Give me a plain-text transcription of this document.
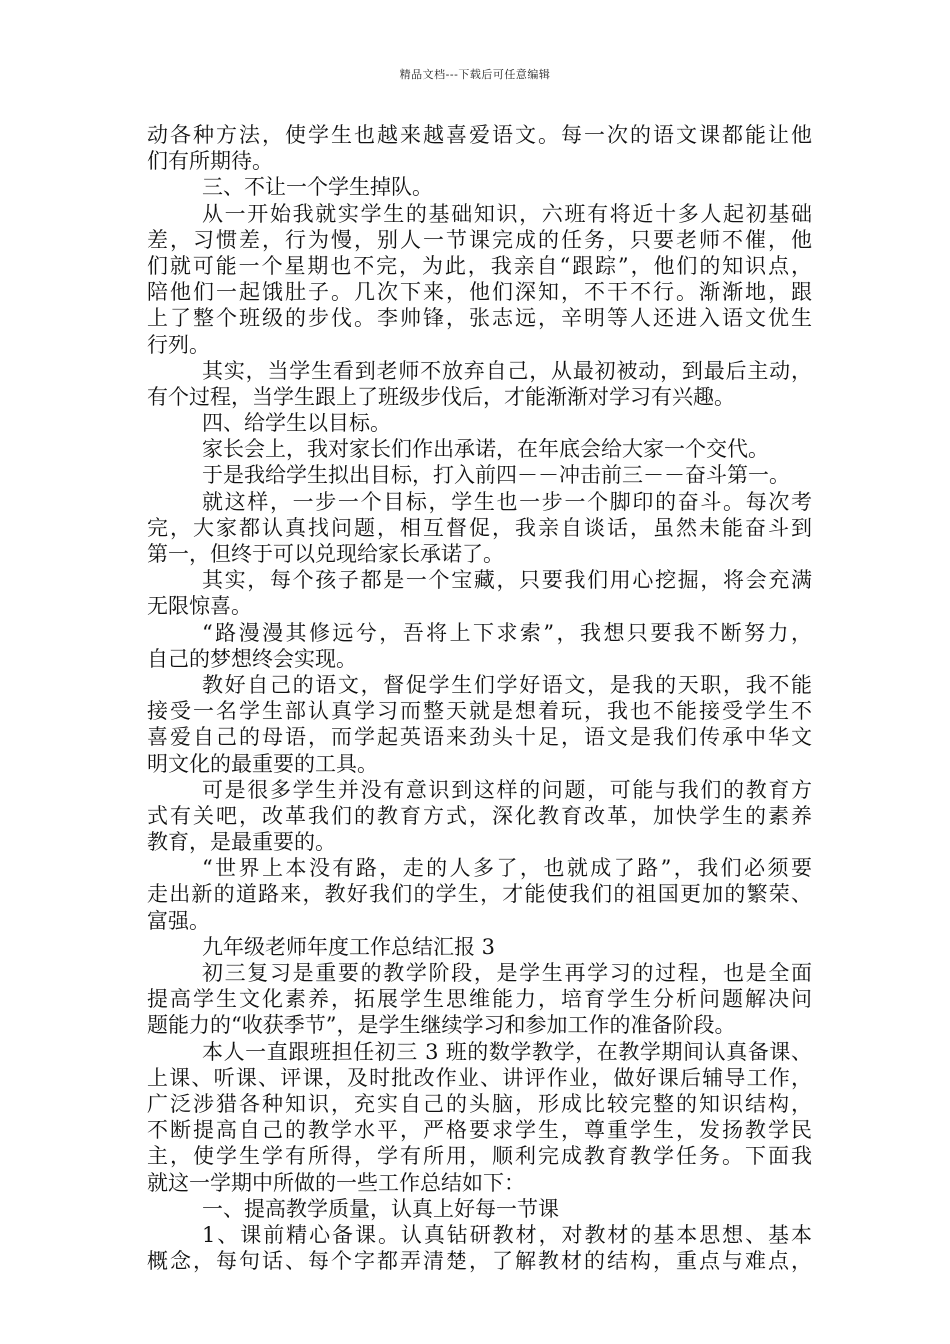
精品文档---下载后可任意编辑
动各种方法，使学生也越来越喜爱语文。每一次的语文课都能让他
们有所期待。
三、不让一个学生掉队。
从一开始我就实学生的基础知识，六班有将近十多人起初基础
差，习惯差，行为慢，别人一节课完成的任务，只要老师不催，他
们就可能一个星期也不完，为此，我亲自“跟踪”，他们的知识点，
陪他们一起饿肚子。几次下来，他们深知，不干不行。渐渐地，跟
上了整个班级的步伐。李帅锋，张志远，辛明等人还进入语文优生
行列。
其实，当学生看到老师不放弃自己，从最初被动，到最后主动，
有个过程，当学生跟上了班级步伐后，才能渐渐对学习有兴趣。
四、给学生以目标。
家长会上，我对家长们作出承诺，在年底会给大家一个交代。
于是我给学生拟出目标，打入前四－－冲击前三－－奋斗第一。
就这样，一步一个目标，学生也一步一个脚印的奋斗。每次考
完，大家都认真找问题，相互督促，我亲自谈话，虽然未能奋斗到
第一，但终于可以兑现给家长承诺了。
其实，每个孩子都是一个宝藏，只要我们用心挖掘，将会充满
无限惊喜。
“路漫漫其修远兮，吾将上下求索”，我想只要我不断努力，
自己的梦想终会实现。
教好自己的语文，督促学生们学好语文，是我的天职，我不能
接受一名学生部认真学习而整天就是想着玩，我也不能接受学生不
喜爱自己的母语，而学起英语来劲头十足，语文是我们传承中华文
明文化的最重要的工具。
可是很多学生并没有意识到这样的问题，可能与我们的教育方
式有关吧，改革我们的教育方式，深化教育改革，加快学生的素养
教育，是最重要的。
“世界上本没有路，走的人多了，也就成了路”，我们必须要
走出新的道路来，教好我们的学生，才能使我们的祖国更加的繁荣、
富强。
九年级老师年度工作总结汇报 3
初三复习是重要的教学阶段，是学生再学习的过程，也是全面
提高学生文化素养，拓展学生思维能力，培育学生分析问题解决问
题能力的“收获季节”，是学生继续学习和参加工作的准备阶段。
本人一直跟班担任初三 3 班的数学教学，在教学期间认真备课、
上课、听课、评课，及时批改作业、讲评作业，做好课后辅导工作，
广泛涉猎各种知识，充实自己的头脑，形成比较完整的知识结构，
不断提高自己的教学水平，严格要求学生，尊重学生，发扬教学民
主，使学生学有所得，学有所用，顺利完成教育教学任务。下面我
就这一学期中所做的一些工作总结如下：
一、提高教学质量，认真上好每一节课
1、课前精心备课。认真钻研教材，对教材的基本思想、基本
概念，每句话、每个字都弄清楚，了解教材的结构，重点与难点，
